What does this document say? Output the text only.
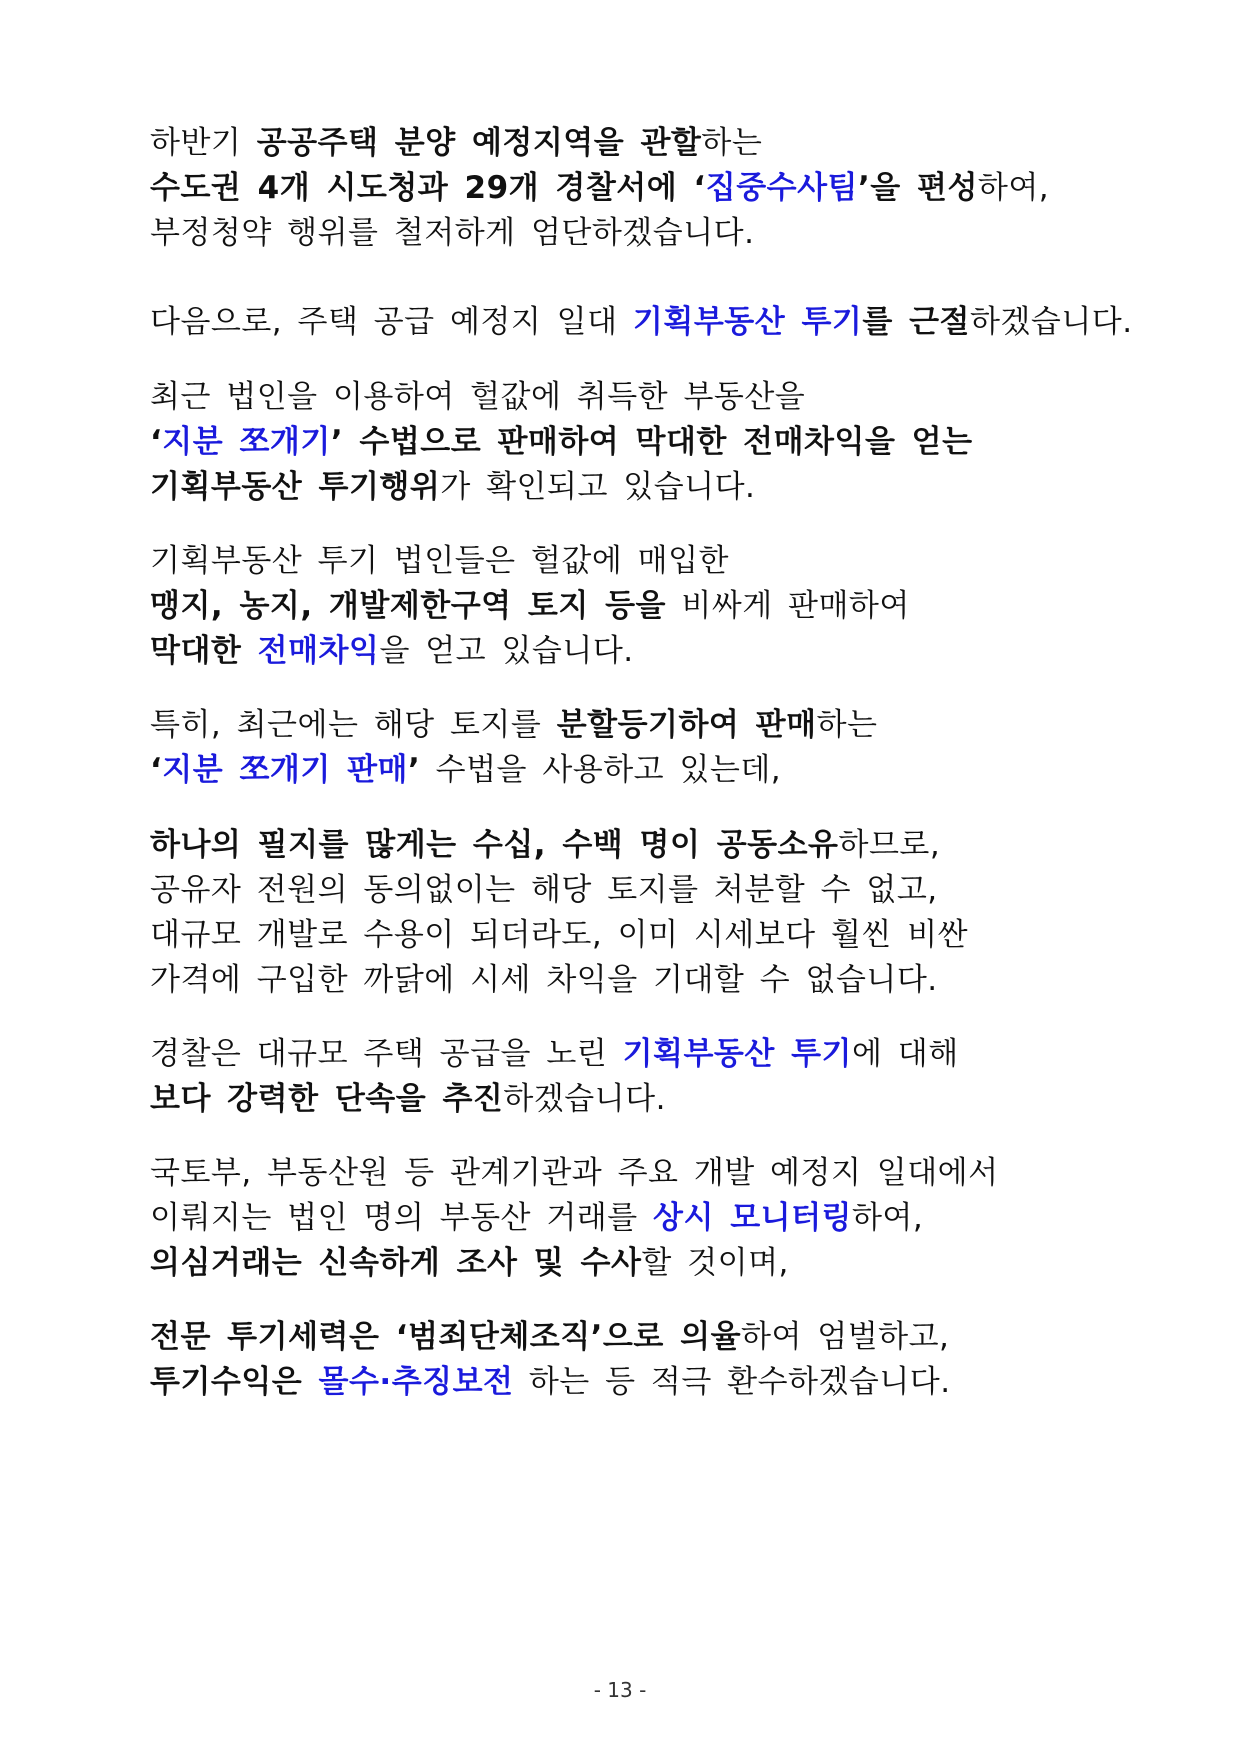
하반기 공공주택 분양 예정지역을 관할하는
수도권 4개 시도청과 29개 경찰서에 ‘집중수사팀’을 편성하여,
부정청약 행위를 철저하게 엄단하겠습니다.
다음으로, 주택 공급 예정지 일대 기획부동산 투기를 근절하겠습니다.
최근 법인을 이용하여 헐값에 취득한 부동산을
‘지분 쪼개기’ 수법으로 판매하여 막대한 전매차익을 얻는
기획부동산 투기행위가 확인되고 있습니다.
기획부동산 투기 법인들은 헐값에 매입한
맹지, 농지, 개발제한구역 토지 등을 비싸게 판매하여
막대한 전매차익을 얻고 있습니다.
특히, 최근에는 해당 토지를 분할등기하여 판매하는
‘지분 쪼개기 판매’ 수법을 사용하고 있는데,
하나의 필지를 많게는 수십, 수백 명이 공동소유하므로,
공유자 전원의 동의없이는 해당 토지를 처분할 수 없고,
대규모 개발로 수용이 되더라도, 이미 시세보다 훨씬 비싼
가격에 구입한 까닭에 시세 차익을 기대할 수 없습니다.
경찰은 대규모 주택 공급을 노린 기획부동산 투기에 대해
보다 강력한 단속을 추진하겠습니다.
국토부, 부동산원 등 관계기관과 주요 개발 예정지 일대에서
이뤄지는 법인 명의 부동산 거래를 상시 모니터링하여,
의심거래는 신속하게 조사 및 수사할 것이며,
전문 투기세력은 ‘범죄단체조직’으로 의율하여 엄벌하고,
투기수익은 몰수·추징보전 하는 등 적극 환수하겠습니다.
- 13 -
